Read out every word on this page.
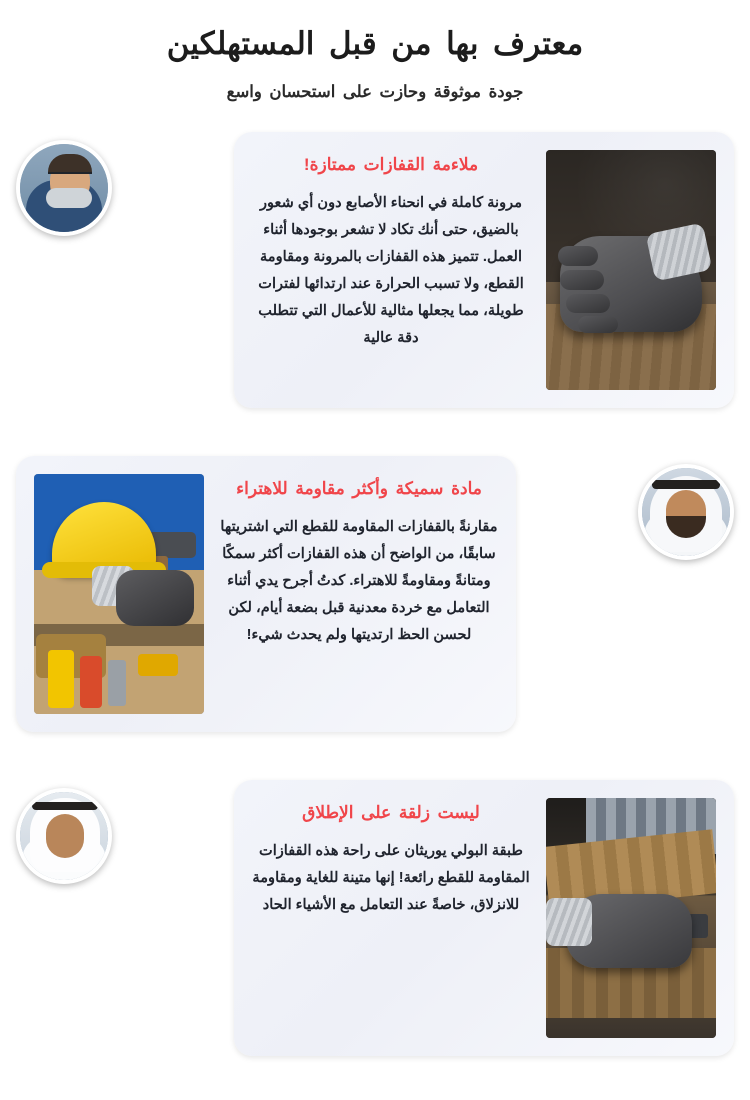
معترف بها من قبل المستهلكين
جودة موثوقة وحازت على استحسان واسع
ملاءمة القفازات ممتازة!
مرونة كاملة في انحناء الأصابع دون أي شعور بالضيق، حتى أنك تكاد لا تشعر بوجودها أثناء العمل. تتميز هذه القفازات بالمرونة ومقاومة القطع، ولا تسبب الحرارة عند ارتدائها لفترات طويلة، مما يجعلها مثالية للأعمال التي تتطلب دقة عالية
مادة سميكة وأكثر مقاومة للاهتراء
مقارنةً بالقفازات المقاومة للقطع التي اشتريتها سابقًا، من الواضح أن هذه القفازات أكثر سمكًا ومتانةً ومقاومةً للاهتراء. كدتُ أجرح يدي أثناء التعامل مع خردة معدنية قبل بضعة أيام، لكن لحسن الحظ ارتديتها ولم يحدث شيء!
ليست زلقة على الإطلاق
طبقة البولي يوريثان على راحة هذه القفازات المقاومة للقطع رائعة! إنها متينة للغاية ومقاومة للانزلاق، خاصةً عند التعامل مع الأشياء الحاد
